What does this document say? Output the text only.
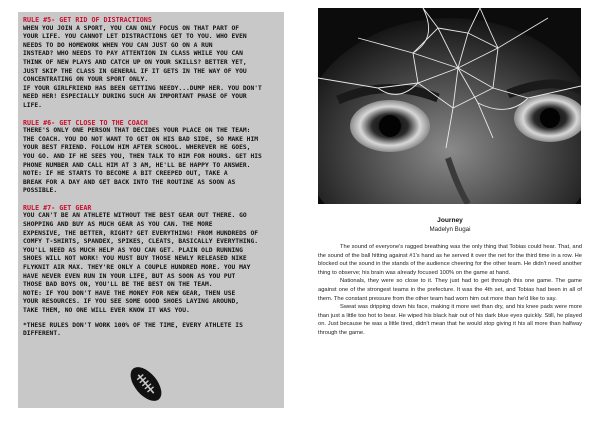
RULE #5- GET RID OF DISTRACTIONS

WHEN YOU JOIN A SPORT, YOU CAN ONLY FOCUS ON THAT PART OF
YOUR LIFE. YOU CANNOT LET DISTRACTIONS GET TO YOU. WHO EVEN
NEEDS TO DO HOMEWORK WHEN YOU CAN JUST GO ON A RUN
INSTEAD? WHO NEEDS TO PAY ATTENTION IN CLASS WHILE YOU CAN
THINK OF NEW PLAYS AND CATCH UP ON YOUR SKILLS? BETTER YET,
JUST SKIP THE CLASS IN GENERAL IF IT GETS IN THE WAY OF YOU
CONCENTRATING ON YOUR SPORT ONLY.
IF YOUR GIRLFRIEND HAS BEEN GETTING NEEDY...DUMP HER. YOU DON'T
NEED HER! ESPECIALLY DURING SUCH AN IMPORTANT PHASE OF YOUR
LIFE.

RULE #6- GET CLOSE TO THE COACH

THERE'S ONLY ONE PERSON THAT DECIDES YOUR PLACE ON THE TEAM:
THE COACH. YOU DO NOT WANT TO GET ON HIS BAD SIDE, SO MAKE HIM
YOUR BEST FRIEND. FOLLOW HIM AFTER SCHOOL. WHEREVER HE GOES,
YOU GO. AND IF HE SEES YOU, THEN TALK TO HIM FOR HOURS. GET HIS
PHONE NUMBER AND CALL HIM AT 3 AM, HE'LL BE HAPPY TO ANSWER.
NOTE: IF HE STARTS TO BECOME A BIT CREEPED OUT, TAKE A
BREAK FOR A DAY AND GET BACK INTO THE ROUTINE AS SOON AS
POSSIBLE.

RULE #7- GET GEAR

YOU CAN'T BE AN ATHLETE WITHOUT THE BEST GEAR OUT THERE. GO
SHOPPING AND BUY AS MUCH GEAR AS YOU CAN. THE MORE
EXPENSIVE, THE BETTER, RIGHT? GET EVERYTHING! FROM HUNDREDS OF
COMFY T-SHIRTS, SPANDEX, SPIKES, CLEATS, BASICALLY EVERYTHING.
YOU'LL NEED AS MUCH HELP AS YOU CAN GET. PLAIN OLD RUNNING
SHOES WILL NOT WORK! YOU MUST BUY THOSE NEWLY RELEASED NIKE
FLYKNIT AIR MAX. THEY'RE ONLY A COUPLE HUNDRED MORE. YOU MAY
HAVE NEVER EVEN RUN IN YOUR LIFE, BUT AS SOON AS YOU PUT
THOSE BAD BOYS ON, YOU'LL BE THE BEST ON THE TEAM.
NOTE: IF YOU DON'T HAVE THE MONEY FOR NEW GEAR, THEN USE
YOUR RESOURCES. IF YOU SEE SOME GOOD SHOES LAYING AROUND,
TAKE THEM, NO ONE WILL EVER KNOW IT WAS YOU.

*THESE RULES DON'T WORK 100% OF THE TIME, EVERY ATHLETE IS
DIFFERENT.

Journey

Madelyn Bugai

The sound of everyone's ragged breathing was the only thing that Tobias could hear. That, and the sound of the ball hitting against #1's hand as he served it over the net for the third time in a row. He blocked out the sound in the stands of the audience cheering for the other team. He didn't need another thing to observe; his brain was already focused 100% on the game at hand.

Nationals, they were so close to it. They just had to get through this one game. The game against one of the strongest teams in the prefecture. It was the 4th set, and Tobias had been in all of them. The constant pressure from the other team had worn him out more than he'd like to say.

Sweat was dripping down his face, making it more wet than dry, and his knee pads were more than just a little too hot to bear. He wiped his black hair out of his dark blue eyes quickly. Still, he played on. Just because he was a little tired, didn't mean that he would stop giving it his all more than halfway through the game.
